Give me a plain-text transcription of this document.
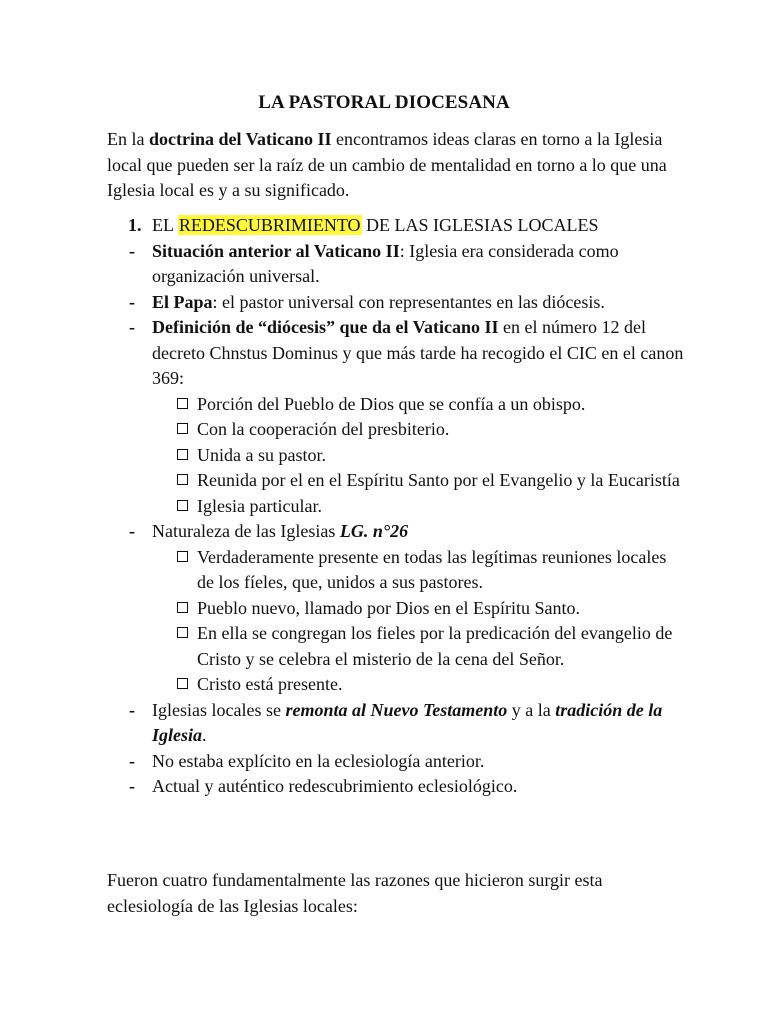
LA PASTORAL DIOCESANA
En la doctrina del Vaticano II encontramos ideas claras en torno a la Iglesia local que pueden ser la raíz de un cambio de mentalidad en torno a lo que una Iglesia local es y a su significado.
1. EL REDESCUBRIMIENTO DE LAS IGLESIAS LOCALES
- Situación anterior al Vaticano II: Iglesia era considerada como organización universal.
- El Papa: el pastor universal con representantes en las diócesis.
- Definición de “diócesis” que da el Vaticano II en el número 12 del decreto Chnstus Dominus y que más tarde ha recogido el CIC en el canon 369:
Porción del Pueblo de Dios que se confía a un obispo.
Con la cooperación del presbiterio.
Unida a su pastor.
Reunida por el en el Espíritu Santo por el Evangelio y la Eucaristía
Iglesia particular.
- Naturaleza de las Iglesias LG. n°26
Verdaderamente presente en todas las legítimas reuniones locales de los fíeles, que, unidos a sus pastores.
Pueblo nuevo, llamado por Dios en el Espíritu Santo.
En ella se congregan los fieles por la predicación del evangelio de Cristo y se celebra el misterio de la cena del Señor.
Cristo está presente.
- Iglesias locales se remonta al Nuevo Testamento y a la tradición de la Iglesia.
- No estaba explícito en la eclesiología anterior.
- Actual y auténtico redescubrimiento eclesiológico.
Fueron cuatro fundamentalmente las razones que hicieron surgir esta eclesiología de las Iglesias locales:
